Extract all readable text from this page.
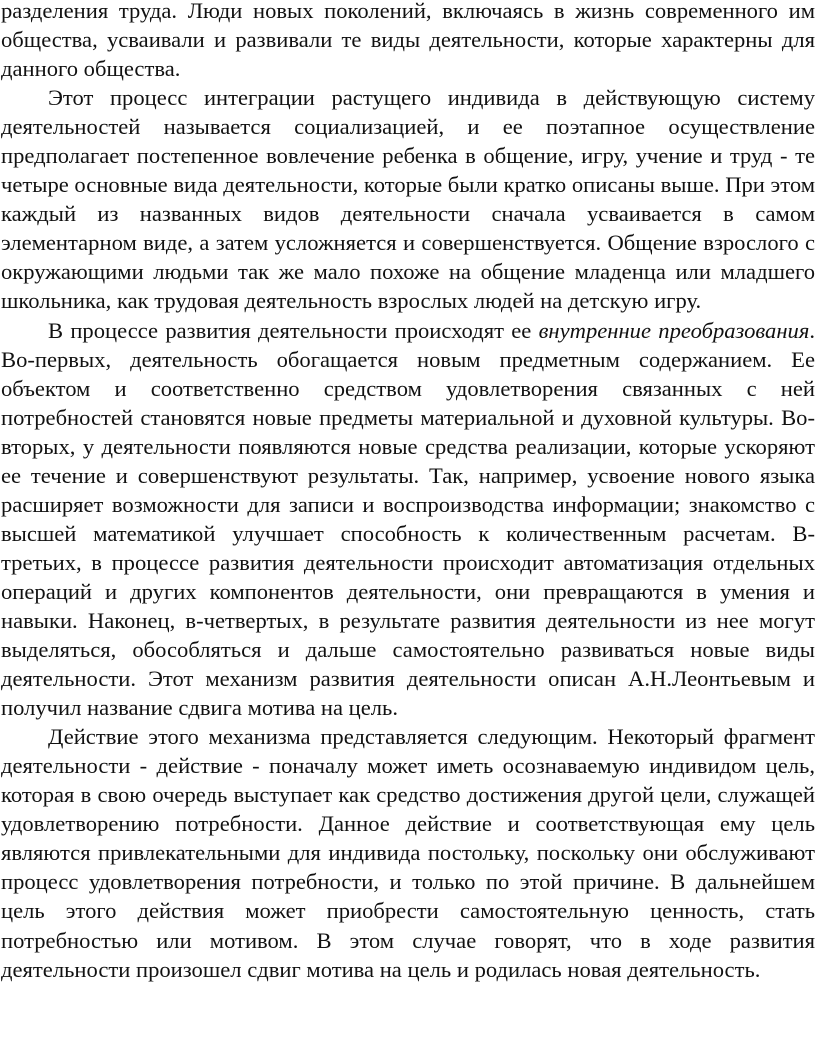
разделения труда. Люди новых поколений, включаясь в жизнь современного им общества, усваивали и развивали те виды деятельности, которые характерны для данного общества.

Этот процесс интеграции растущего индивида в действующую систему деятельностей называется социализацией, и ее поэтапное осуществление предполагает постепенное вовлечение ребенка в общение, игру, учение и труд - те четыре основные вида деятельности, которые были кратко описаны выше. При этом каждый из названных видов деятельности сначала усваивается в самом элементарном виде, а затем усложняется и совершенствуется. Общение взрослого с окружающими людьми так же мало похоже на общение младенца или младшего школьника, как трудовая деятельность взрослых людей на детскую игру.

В процессе развития деятельности происходят ее внутренние преобразования. Во-первых, деятельность обогащается новым предметным содержанием. Ее объектом и соответственно средством удовлетворения связанных с ней потребностей становятся новые предметы материальной и духовной культуры. Во-вторых, у деятельности появляются новые средства реализации, которые ускоряют ее течение и совершенствуют результаты. Так, например, усвоение нового языка расширяет возможности для записи и воспроизводства информации; знакомство с высшей математикой улучшает способность к количественным расчетам. В-третьих, в процессе развития деятельности происходит автоматизация отдельных операций и других компонентов деятельности, они превращаются в умения и навыки. Наконец, в-четвертых, в результате развития деятельности из нее могут выделяться, обособляться и дальше самостоятельно развиваться новые виды деятельности. Этот механизм развития деятельности описан А.Н.Леонтьевым и получил название сдвига мотива на цель.

Действие этого механизма представляется следующим. Некоторый фрагмент деятельности - действие - поначалу может иметь осознаваемую индивидом цель, которая в свою очередь выступает как средство достижения другой цели, служащей удовлетворению потребности. Данное действие и соответствующая ему цель являются привлекательными для индивида постольку, поскольку они обслуживают процесс удовлетворения потребности, и только по этой причине. В дальнейшем цель этого действия может приобрести самостоятельную ценность, стать потребностью или мотивом. В этом случае говорят, что в ходе развития деятельности произошел сдвиг мотива на цель и родилась новая деятельность.
